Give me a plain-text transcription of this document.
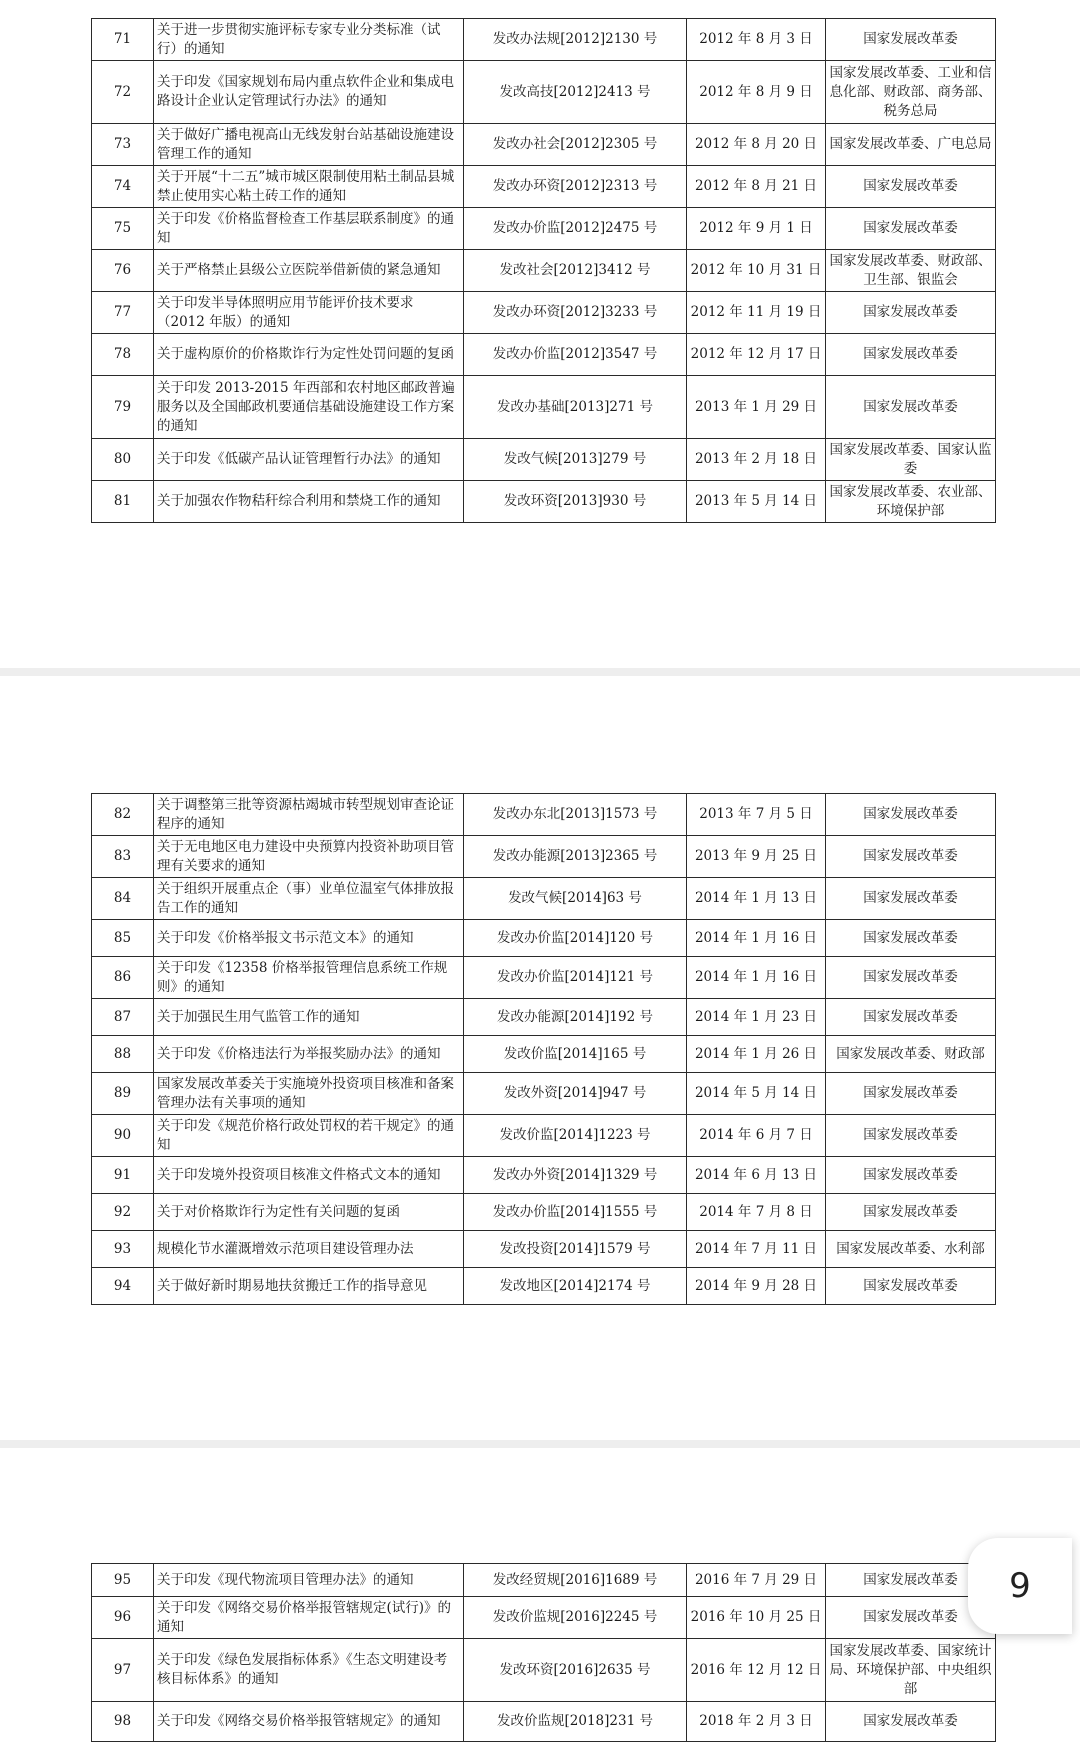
71	关于进一步贯彻实施评标专家专业分类标准（试行）的通知	发改办法规[2012]2130 号	2012 年 8 月 3 日	国家发展改革委
72	关于印发《国家规划布局内重点软件企业和集成电路设计企业认定管理试行办法》的通知	发改高技[2012]2413 号	2012 年 8 月 9 日	国家发展改革委、工业和信息化部、财政部、商务部、税务总局
73	关于做好广播电视高山无线发射台站基础设施建设管理工作的通知	发改办社会[2012]2305 号	2012 年 8 月 20 日	国家发展改革委、广电总局
74	关于开展“十二五”城市城区限制使用粘土制品县城禁止使用实心粘土砖工作的通知	发改办环资[2012]2313 号	2012 年 8 月 21 日	国家发展改革委
75	关于印发《价格监督检查工作基层联系制度》的通知	发改办价监[2012]2475 号	2012 年 9 月 1 日	国家发展改革委
76	关于严格禁止县级公立医院举借新债的紧急通知	发改社会[2012]3412 号	2012 年 10 月 31 日	国家发展改革委、财政部、卫生部、银监会
77	关于印发半导体照明应用节能评价技术要求（2012 年版）的通知	发改办环资[2012]3233 号	2012 年 11 月 19 日	国家发展改革委
78	关于虚构原价的价格欺诈行为定性处罚问题的复函	发改办价监[2012]3547 号	2012 年 12 月 17 日	国家发展改革委
79	关于印发 2013-2015 年西部和农村地区邮政普遍服务以及全国邮政机要通信基础设施建设工作方案的通知	发改办基础[2013]271 号	2013 年 1 月 29 日	国家发展改革委
80	关于印发《低碳产品认证管理暂行办法》的通知	发改气候[2013]279 号	2013 年 2 月 18 日	国家发展改革委、国家认监委
81	关于加强农作物秸秆综合利用和禁烧工作的通知	发改环资[2013]930 号	2013 年 5 月 14 日	国家发展改革委、农业部、环境保护部
82	关于调整第三批等资源枯竭城市转型规划审查论证程序的通知	发改办东北[2013]1573 号	2013 年 7 月 5 日	国家发展改革委
83	关于无电地区电力建设中央预算内投资补助项目管理有关要求的通知	发改办能源[2013]2365 号	2013 年 9 月 25 日	国家发展改革委
84	关于组织开展重点企（事）业单位温室气体排放报告工作的通知	发改气候[2014]63 号	2014 年 1 月 13 日	国家发展改革委
85	关于印发《价格举报文书示范文本》的通知	发改办价监[2014]120 号	2014 年 1 月 16 日	国家发展改革委
86	关于印发《12358 价格举报管理信息系统工作规则》的通知	发改办价监[2014]121 号	2014 年 1 月 16 日	国家发展改革委
87	关于加强民生用气监管工作的通知	发改办能源[2014]192 号	2014 年 1 月 23 日	国家发展改革委
88	关于印发《价格违法行为举报奖励办法》的通知	发改价监[2014]165 号	2014 年 1 月 26 日	国家发展改革委、财政部
89	国家发展改革委关于实施境外投资项目核准和备案管理办法有关事项的通知	发改外资[2014]947 号	2014 年 5 月 14 日	国家发展改革委
90	关于印发《规范价格行政处罚权的若干规定》的通知	发改价监[2014]1223 号	2014 年 6 月 7 日	国家发展改革委
91	关于印发境外投资项目核准文件格式文本的通知	发改办外资[2014]1329 号	2014 年 6 月 13 日	国家发展改革委
92	关于对价格欺诈行为定性有关问题的复函	发改办价监[2014]1555 号	2014 年 7 月 8 日	国家发展改革委
93	规模化节水灌溉增效示范项目建设管理办法	发改投资[2014]1579 号	2014 年 7 月 11 日	国家发展改革委、水利部
94	关于做好新时期易地扶贫搬迁工作的指导意见	发改地区[2014]2174 号	2014 年 9 月 28 日	国家发展改革委
95	关于印发《现代物流项目管理办法》的通知	发改经贸规[2016]1689 号	2016 年 7 月 29 日	国家发展改革委
96	关于印发《网络交易价格举报管辖规定(试行)》的通知	发改价监规[2016]2245 号	2016 年 10 月 25 日	国家发展改革委
97	关于印发《绿色发展指标体系》《生态文明建设考核目标体系》的通知	发改环资[2016]2635 号	2016 年 12 月 12 日	国家发展改革委、国家统计局、环境保护部、中央组织部
98	关于印发《网络交易价格举报管辖规定》的通知	发改价监规[2018]231 号	2018 年 2 月 3 日	国家发展改革委
9
